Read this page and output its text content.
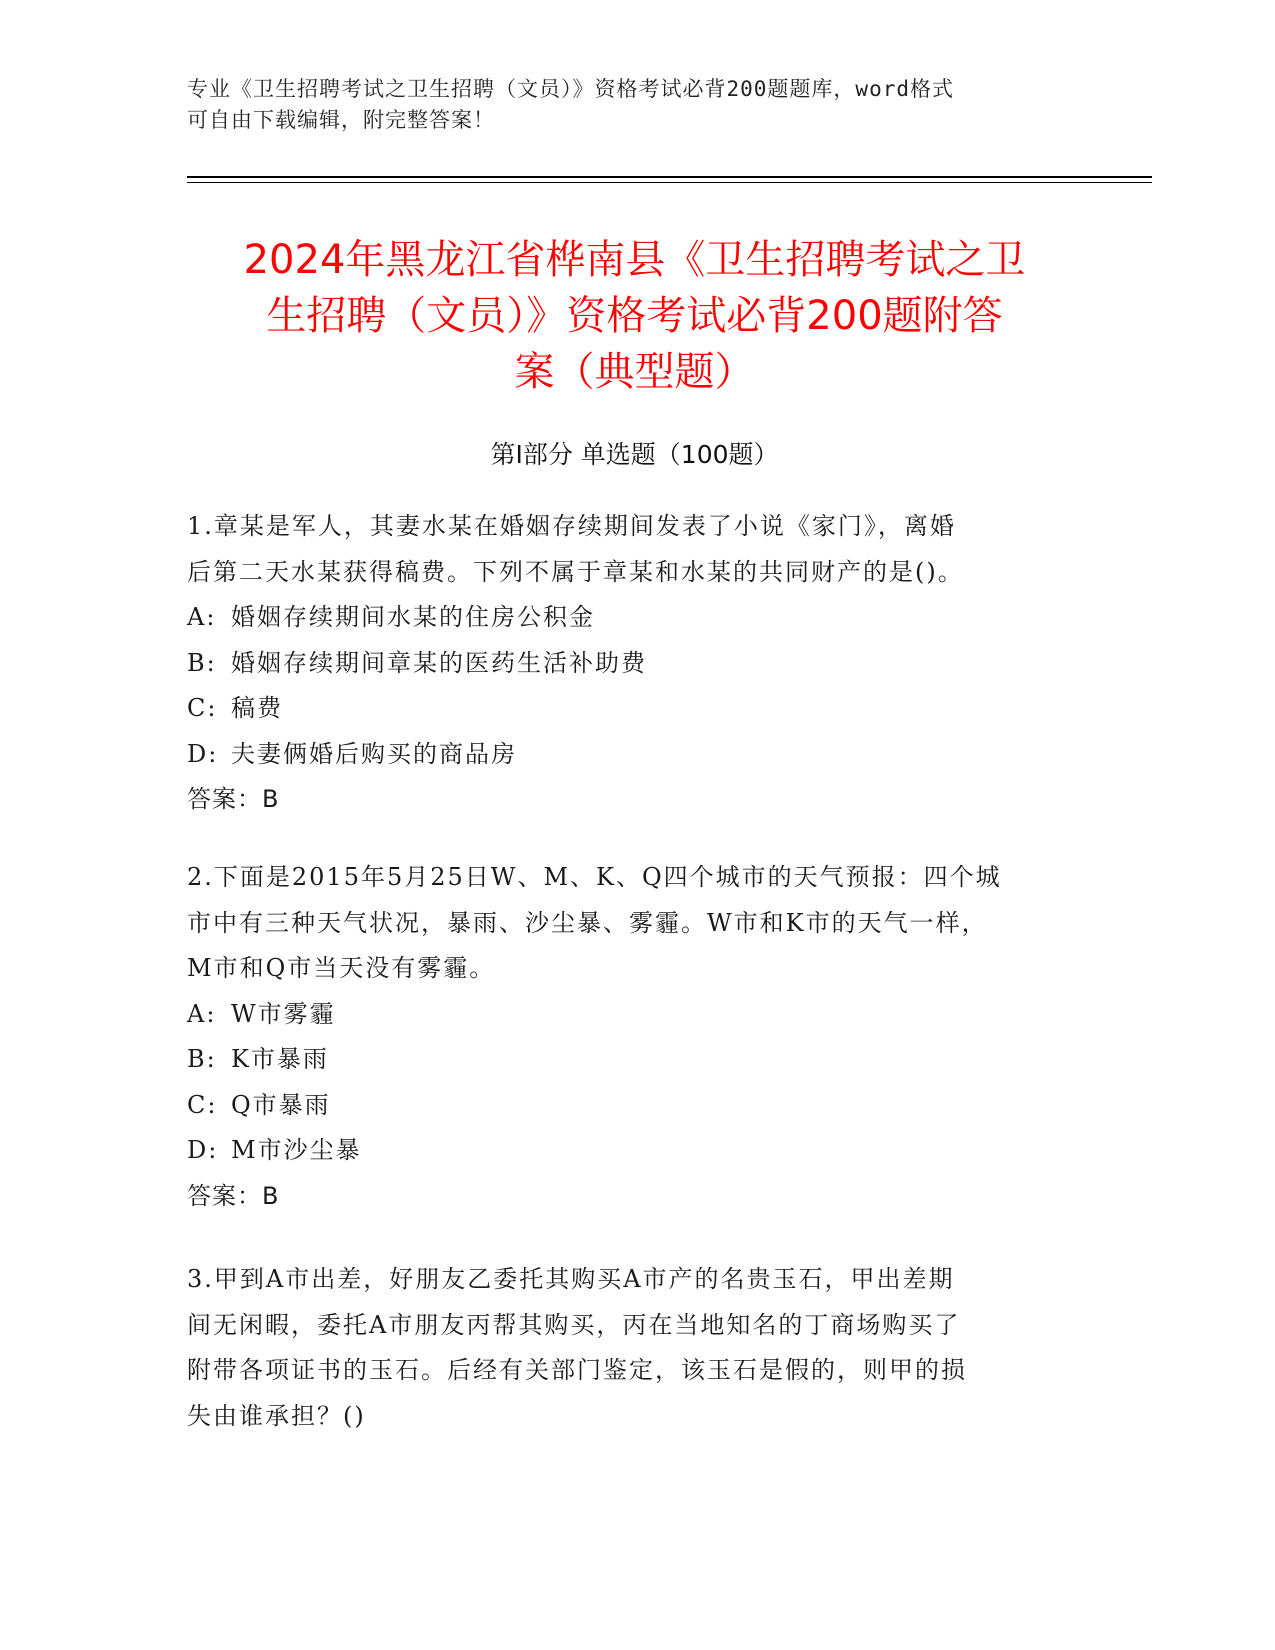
专业《卫生招聘考试之卫生招聘（文员）》资格考试必背200题题库，word格式
可自由下载编辑，附完整答案！
2024年黑龙江省桦南县《卫生招聘考试之卫
生招聘（文员）》资格考试必背200题附答
案（典型题）
第Ⅰ部分 单选题（100题）
1.章某是军人，其妻水某在婚姻存续期间发表了小说《家门》，离婚
后第二天水某获得稿费。下列不属于章某和水某的共同财产的是()。
A: 婚姻存续期间水某的住房公积金
B: 婚姻存续期间章某的医药生活补助费
C: 稿费
D: 夫妻俩婚后购买的商品房
答案：B
2.下面是2015年5月25日W、M、K、Q四个城市的天气预报：四个城
市中有三种天气状况，暴雨、沙尘暴、雾霾。W市和K市的天气一样，
M市和Q市当天没有雾霾。
A: W市雾霾
B: K市暴雨
C: Q市暴雨
D: M市沙尘暴
答案：B
3.甲到A市出差，好朋友乙委托其购买A市产的名贵玉石，甲出差期
间无闲暇，委托A市朋友丙帮其购买，丙在当地知名的丁商场购买了
附带各项证书的玉石。后经有关部门鉴定，该玉石是假的，则甲的损
失由谁承担？()
